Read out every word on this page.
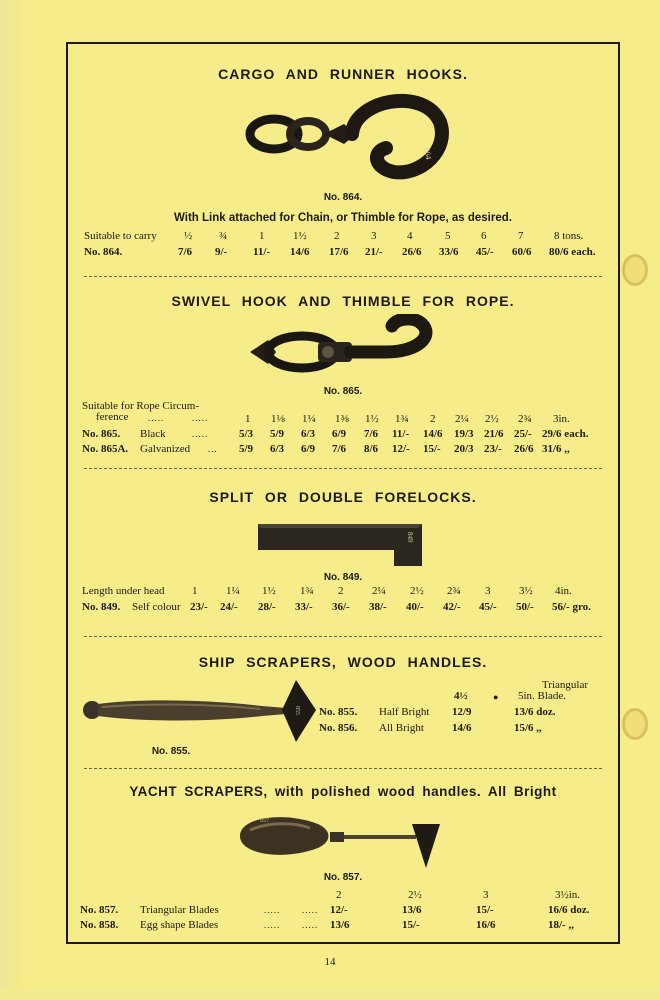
CARGO AND RUNNER HOOKS.
864
No. 864.
With Link attached for Chain, or Thimble for Rope, as desired.
Suitable to carry ½ ¾	1	1½ 2	3	4	5	6	7	8 tons.
No. 864.	7/6 9/- 11/- 14/6 17/6 21/- 26/6 33/6 45/- 60/6 80/6 each.
SWIVEL HOOK AND THIMBLE FOR ROPE.
No. 865.
Suitable for Rope Circum-
ference .....	.....	1 1⅛ 1¼ 1⅜ 1½ 1¾ 2 2¼ 2½ 2¾ 3in.
No. 865. Black	.....	5/3 5/9 6/3 6/9 7/6 11/- 14/6 19/3 21/6 25/- 29/6 each.
No. 865A. Galvanized ... 5/9 6/3 6/9 7/6 8/6 12/- 15/- 20/3 23/- 26/6 31/6 ,,
SPLIT OR DOUBLE FORELOCKS.
849
No. 849.
Length under head	1	1¼ 1½ 1¾ 2	2¼ 2½ 2¾ 3	3½ 4in.
No. 849. Self colour 23/- 24/- 28/- 33/- 36/- 38/- 40/- 42/- 45/- 50/- 56/- gro.
SHIP SCRAPERS, WOOD HANDLES.
855
No. 855.
4½	●
Triangular
5in. Blade.
No. 855. Half Bright 12/9	13/6 doz.
No. 856. All Bright	14/6	15/6 ,,
YACHT SCRAPERS, with polished wood handles. All Bright
857
No. 857.
2	2½	3	3½in.
No. 857. Triangular Blades	..... ..... 12/-	13/6	15/-	16/6 doz.
No. 858. Egg shape Blades	..... ..... 13/6	15/-	16/6	18/- ,,
14
